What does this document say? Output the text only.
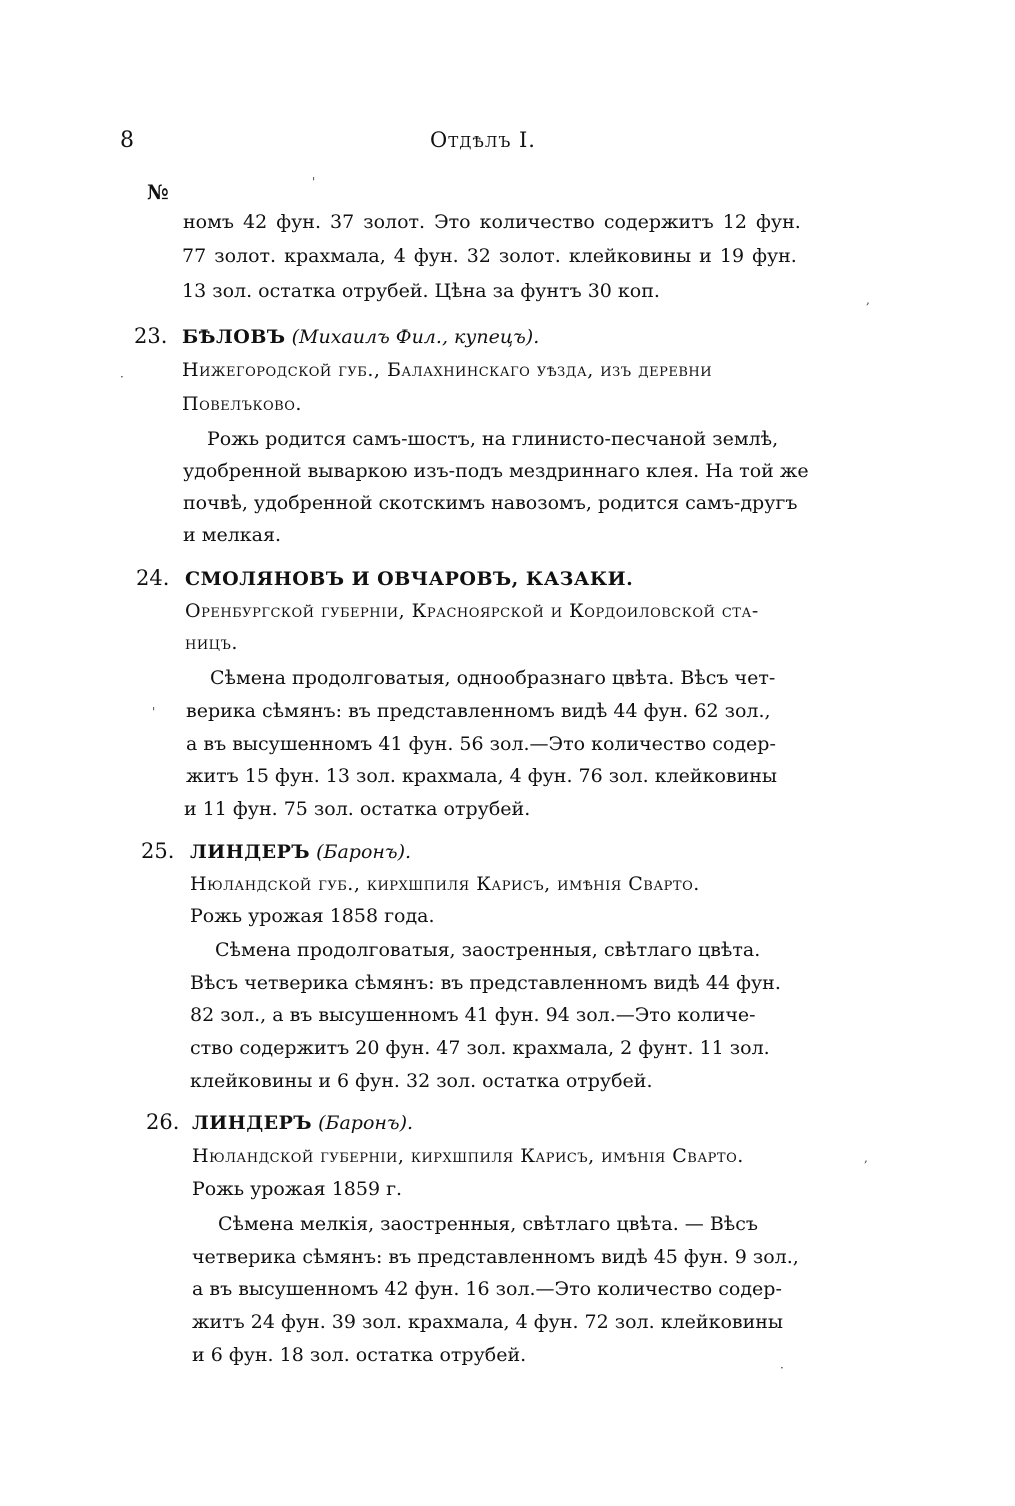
8	Отдѣлъ I.
№
номъ 42 фун. 37 золот. Это количество содержитъ 12 фун.
77 золот. крахмала, 4 фун. 32 золот. клейковины и 19 фун.
13 зол. остатка отрубей. Цѣна за фунтъ 30 коп.
23. БѢЛОВЪ (Михаилъ Фил., купецъ).
Нижегородской губ., Балахнинскаго уѣзда, изъ деревни
Повелъково.
Рожь родится самъ-шостъ, на глинисто-песчаной землѣ,
удобренной вываркою изъ-подъ мездриннаго клея. На той же
почвѣ, удобренной скотскимъ навозомъ, родится самъ-другъ
и мелкая.
24. СМОЛЯНОВЪ И ОВЧАРОВЪ, КАЗАКИ.
Оренбургской губерніи, Красноярской и Кордоиловской ста-
ницъ.
Сѣмена продолговатыя, однообразнаго цвѣта. Вѣсъ чет-
верика сѣмянъ: въ представленномъ видѣ 44 фун. 62 зол.,
а въ высушенномъ 41 фун. 56 зол.—Это количество содер-
житъ 15 фун. 13 зол. крахмала, 4 фун. 76 зол. клейковины
и 11 фун. 75 зол. остатка отрубей.
25. ЛИНДЕРЪ (Баронъ).
Нюландской губ., кирхшпиля Карисъ, имѣнія Сварто.
Рожь урожая 1858 года.
Сѣмена продолговатыя, заостренныя, свѣтлаго цвѣта.
Вѣсъ четверика сѣмянъ: въ представленномъ видѣ 44 фун.
82 зол., а въ высушенномъ 41 фун. 94 зол.—Это количе-
ство содержитъ 20 фун. 47 зол. крахмала, 2 фунт. 11 зол.
клейковины и 6 фун. 32 зол. остатка отрубей.
26. ЛИНДЕРЪ (Баронъ).
Нюландской губерніи, кирхшпиля Карисъ, имѣнія Сварто.
Рожь урожая 1859 г.
Сѣмена мелкія, заостренныя, свѣтлаго цвѣта. — Вѣсъ
четверика сѣмянъ: въ представленномъ видѣ 45 фун. 9 зол.,
а въ высушенномъ 42 фун. 16 зол.—Это количество содер-
житъ 24 фун. 39 зол. крахмала, 4 фун. 72 зол. клейковины
и 6 фун. 18 зол. остатка отрубей.
'
,
·
'
,
·
